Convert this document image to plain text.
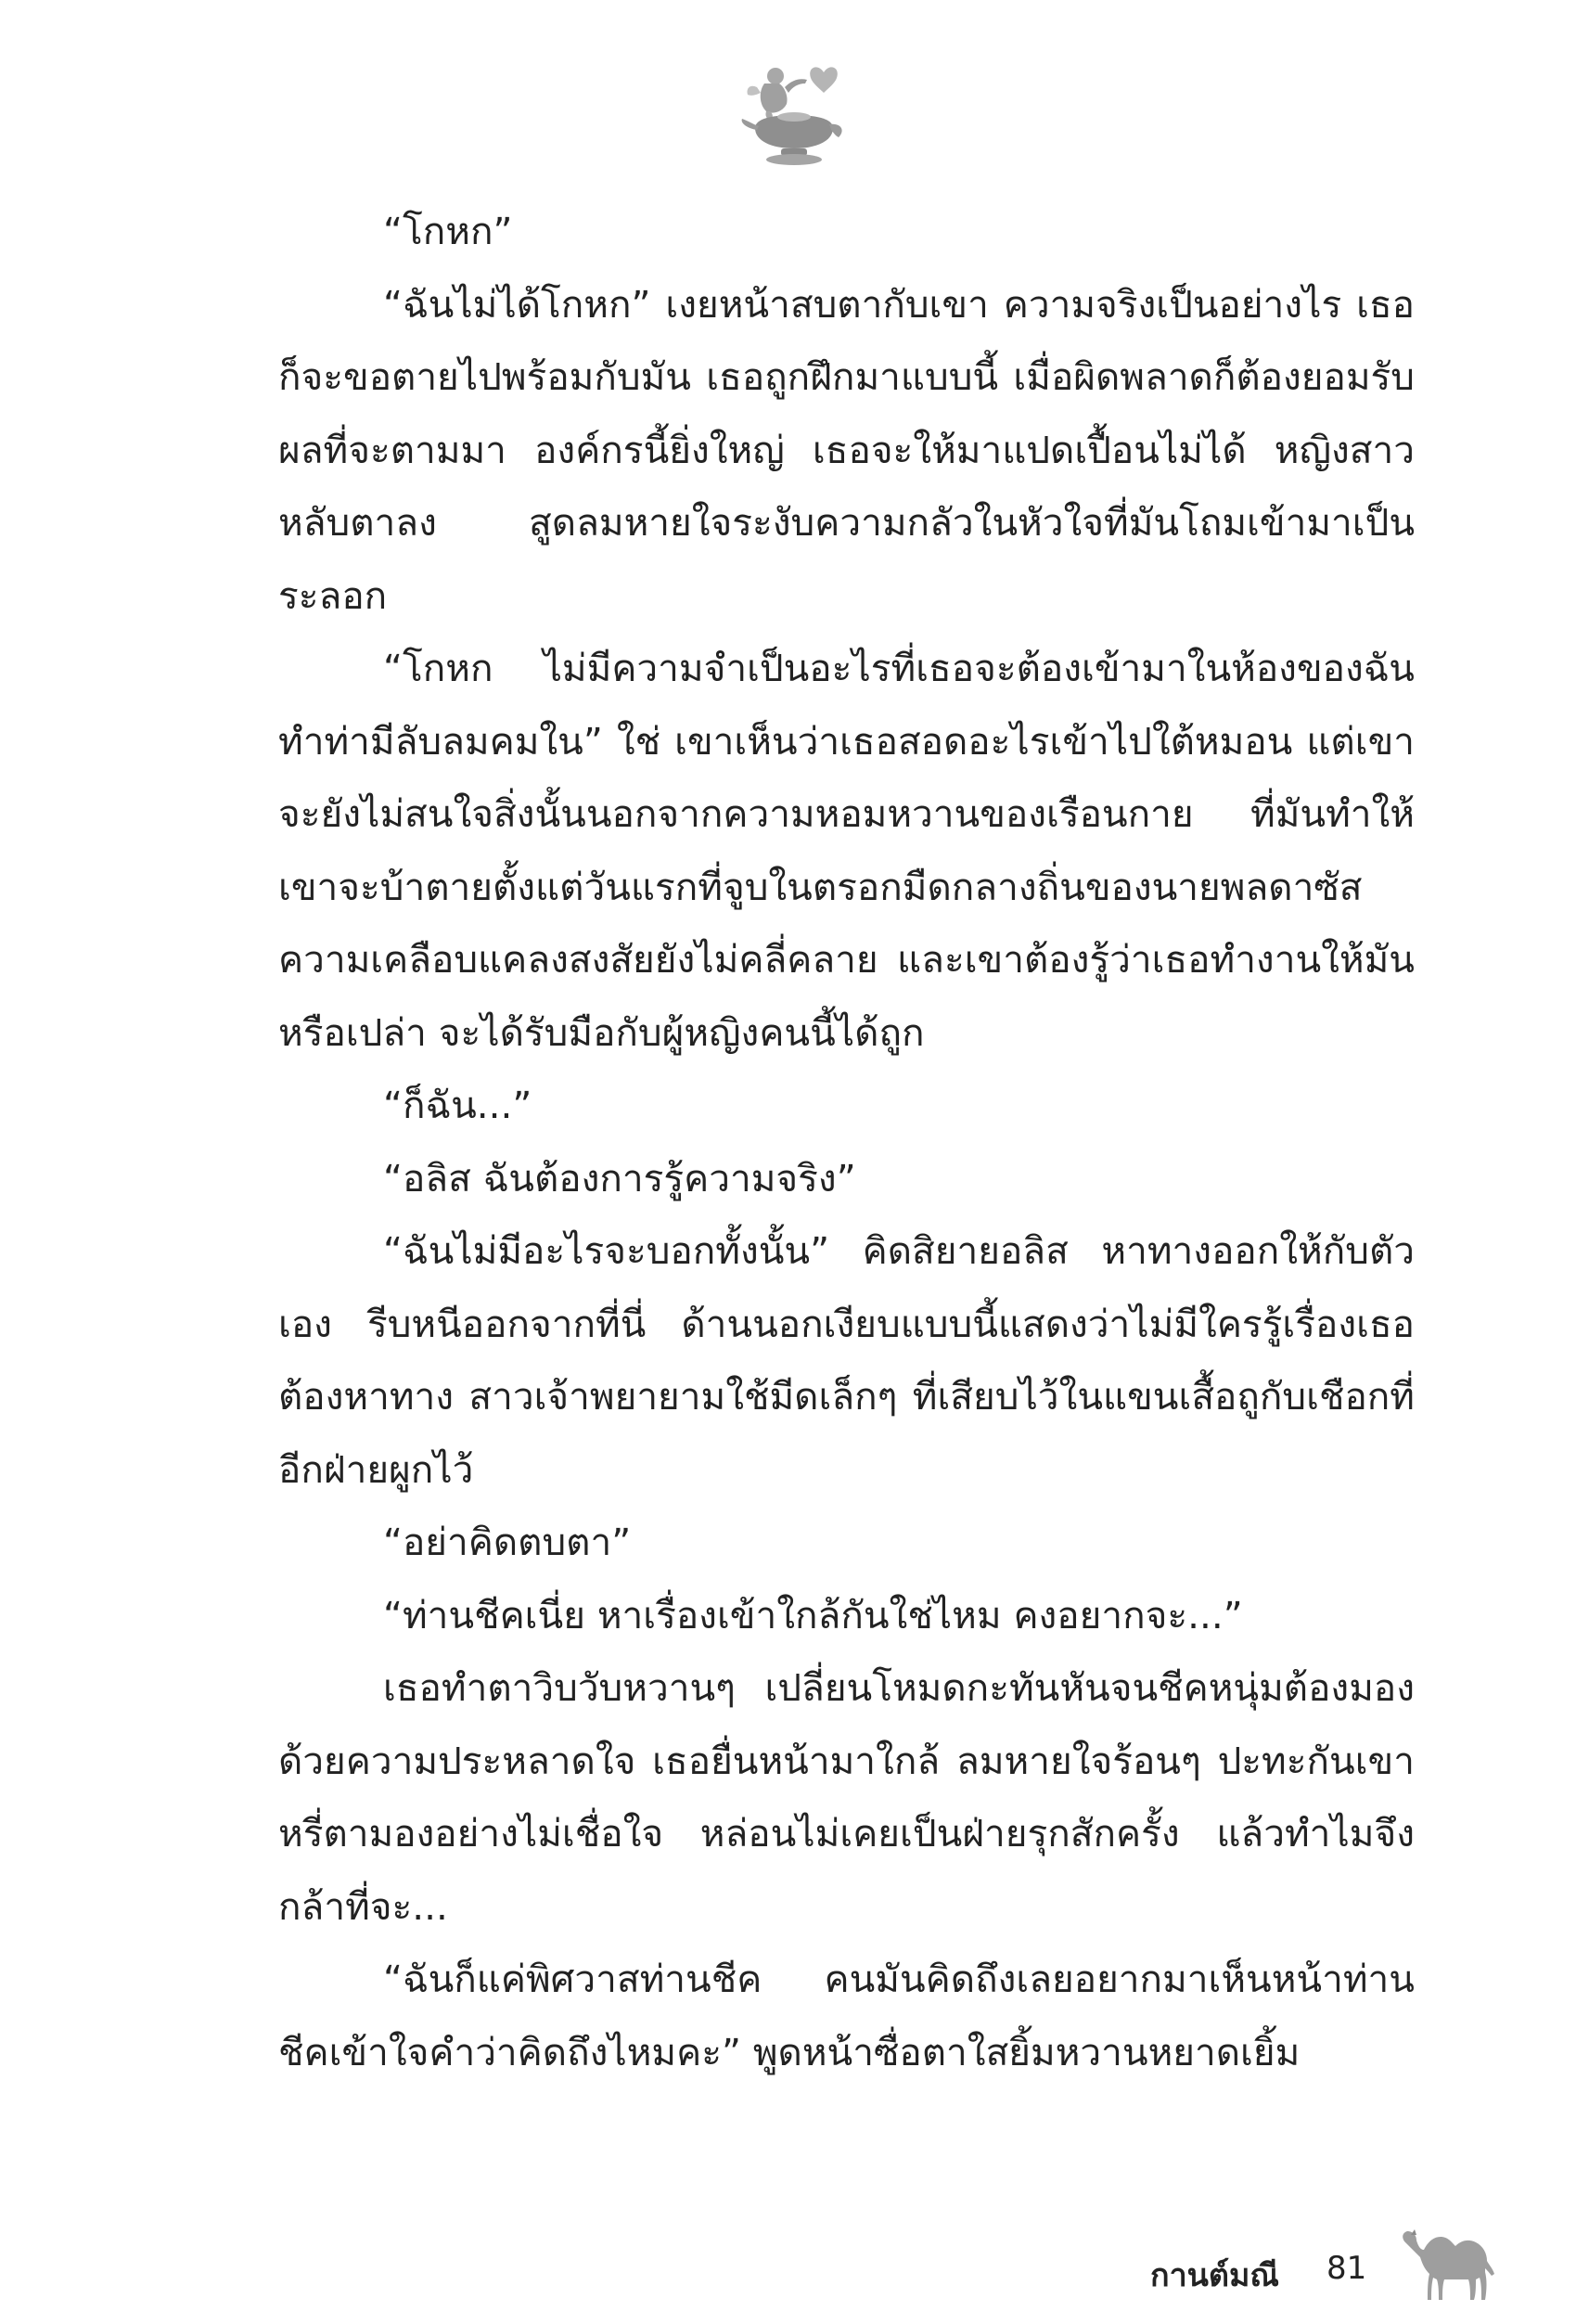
“โกหก”

“ฉันไม่ได้โกหก” เงยหน้าสบตากับเขา ความจริงเป็นอย่างไร เธอก็จะขอตายไปพร้อมกับมัน เธอถูกฝึกมาแบบนี้ เมื่อผิดพลาดก็ต้องยอมรับผลที่จะตามมา องค์กรนี้ยิ่งใหญ่ เธอจะให้มาแปดเปื้อนไม่ได้ หญิงสาวหลับตาลง สูดลมหายใจระงับความกลัวในหัวใจที่มันโถมเข้ามาเป็นระลอก

“โกหก ไม่มีความจำเป็นอะไรที่เธอจะต้องเข้ามาในห้องของฉันทำท่ามีลับลมคมใน” ใช่ เขาเห็นว่าเธอสอดอะไรเข้าไปใต้หมอน แต่เขาจะยังไม่สนใจสิ่งนั้นนอกจากความหอมหวานของเรือนกาย ที่มันทำให้เขาจะบ้าตายตั้งแต่วันแรกที่จูบในตรอกมืดกลางถิ่นของนายพลดาซัส ความเคลือบแคลงสงสัยยังไม่คลี่คลาย และเขาต้องรู้ว่าเธอทำงานให้มันหรือเปล่า จะได้รับมือกับผู้หญิงคนนี้ได้ถูก

“ก็ฉัน...”

“อลิส ฉันต้องการรู้ความจริง”

“ฉันไม่มีอะไรจะบอกทั้งนั้น” คิดสิยายอลิส หาทางออกให้กับตัวเอง รีบหนีออกจากที่นี่ ด้านนอกเงียบแบบนี้แสดงว่าไม่มีใครรู้เรื่องเธอต้องหาทาง สาวเจ้าพยายามใช้มีดเล็กๆ ที่เสียบไว้ในแขนเสื้อถูกับเชือกที่อีกฝ่ายผูกไว้

“อย่าคิดตบตา”

“ท่านชีคเนี่ย หาเรื่องเข้าใกล้กันใช่ไหม คงอยากจะ...”

เธอทำตาวิบวับหวานๆ เปลี่ยนโหมดกะทันหันจนชีคหนุ่มต้องมองด้วยความประหลาดใจ เธอยื่นหน้ามาใกล้ ลมหายใจร้อนๆ ปะทะกันเขาหรี่ตามองอย่างไม่เชื่อใจ หล่อนไม่เคยเป็นฝ่ายรุกสักครั้ง แล้วทำไมจึงกล้าที่จะ...

“ฉันก็แค่พิศวาสท่านชีค คนมันคิดถึงเลยอยากมาเห็นหน้าท่านชีคเข้าใจคำว่าคิดถึงไหมคะ” พูดหน้าซื่อตาใสยิ้มหวานหยาดเยิ้ม

กานต์มณี 81
